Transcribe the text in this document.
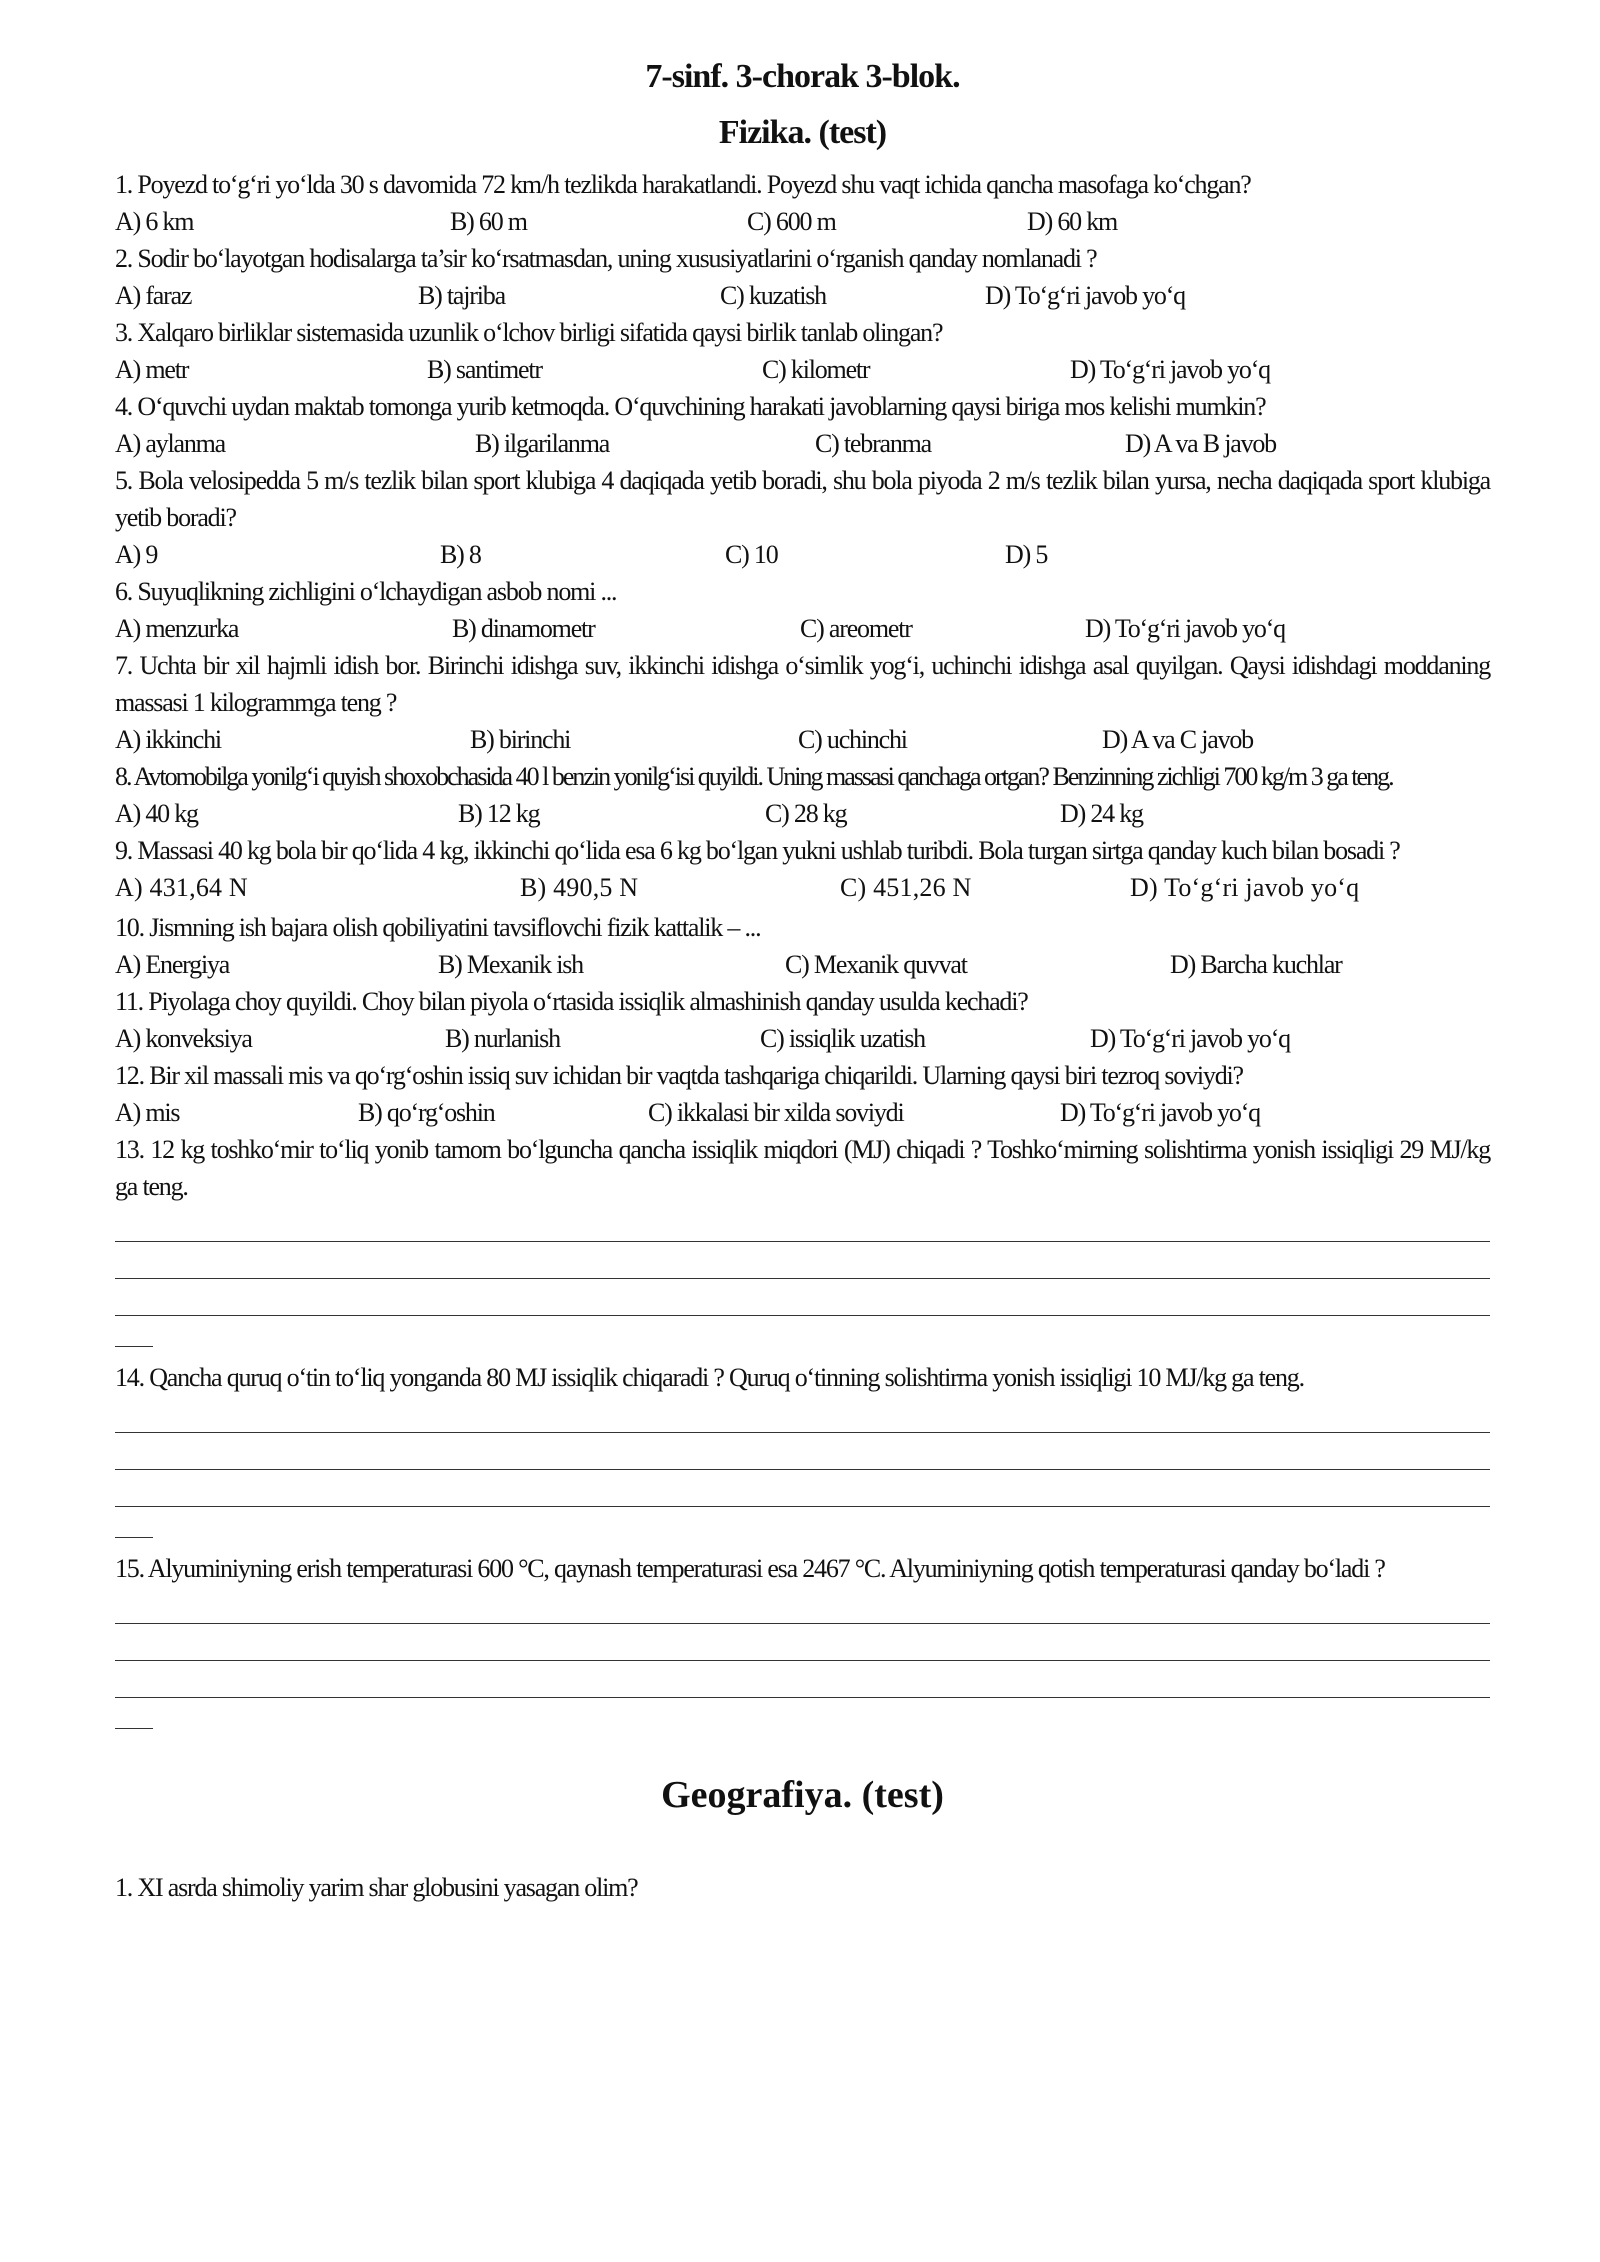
7-sinf. 3-chorak 3-blok.
Fizika. (test)

1. Poyezd to‘g‘ri yo‘lda 30 s davomida 72 km/h tezlikda harakatlandi. Poyezd shu vaqt ichida qancha masofaga ko‘chgan?

A) 6 km	B) 60 m	C) 600 m	D) 60 km

2. Sodir bo‘layotgan hodisalarga ta’sir ko‘rsatmasdan, uning xususiyatlarini o‘rganish qanday nomlanadi ?

A) faraz	B) tajriba	C) kuzatish	D) To‘g‘ri javob yo‘q

3. Xalqaro birliklar sistemasida uzunlik o‘lchov birligi sifatida qaysi birlik tanlab olingan?

A) metr	B) santimetr	C) kilometr	D) To‘g‘ri javob yo‘q

4. O‘quvchi uydan maktab tomonga yurib ketmoqda. O‘quvchining harakati javoblarning qaysi biriga mos kelishi mumkin?

A) aylanma	B) ilgarilanma	C) tebranma	D) A va B javob

5. Bola velosipedda 5 m/s tezlik bilan sport klubiga 4 daqiqada yetib boradi, shu bola piyoda 2 m/s tezlik bilan yursa, necha daqiqada sport klubiga yetib boradi?

A) 9	B) 8	C) 10	D) 5

6. Suyuqlikning zichligini o‘lchaydigan asbob nomi ...

A) menzurka	B) dinamometr	C) areometr	D) To‘g‘ri javob yo‘q

7. Uchta bir xil hajmli idish bor. Birinchi idishga suv, ikkinchi idishga o‘simlik yog‘i, uchinchi idishga asal quyilgan. Qaysi idishdagi moddaning massasi 1 kilogrammga teng ?

A) ikkinchi	B) birinchi	C) uchinchi	D) A va C javob

8. Avtomobilga yonilg‘i quyish shoxobchasida 40 l benzin yonilg‘isi quyildi. Uning massasi qanchaga ortgan? Benzinning zichligi 700 kg/m 3 ga teng.

A) 40 kg	B) 12 kg	C) 28 kg	D) 24 kg

9. Massasi 40 kg bola bir qo‘lida 4 kg, ikkinchi qo‘lida esa 6 kg bo‘lgan yukni ushlab turibdi. Bola turgan sirtga qanday kuch bilan bosadi ?

A) 431,64 N	B) 490,5 N	C) 451,26 N	D) To‘g‘ri javob yo‘q

10. Jismning ish bajara olish qobiliyatini tavsiflovchi fizik kattalik – ...

A) Energiya	B) Mexanik ish	C) Mexanik quvvat	D) Barcha kuchlar

11. Piyolaga choy quyildi. Choy bilan piyola o‘rtasida issiqlik almashinish qanday usulda kechadi?

A) konveksiya	B) nurlanish	C) issiqlik uzatish	D) To‘g‘ri javob yo‘q

12. Bir xil massali mis va qo‘rg‘oshin issiq suv ichidan bir vaqtda tashqariga chiqarildi. Ularning qaysi biri tezroq soviydi?

A) mis	B) qo‘rg‘oshin	C) ikkalasi bir xilda soviydi	D) To‘g‘ri javob yo‘q

13. 12 kg toshko‘mir to‘liq yonib tamom bo‘lguncha qancha issiqlik miqdori (MJ) chiqadi ? Toshko‘mirning solishtirma yonish issiqligi 29 MJ/kg ga teng.

14. Qancha quruq o‘tin to‘liq yonganda 80 MJ issiqlik chiqaradi ? Quruq o‘tinning solishtirma yonish issiqligi 10 MJ/kg ga teng.

15. Alyuminiyning erish temperaturasi 600 °C, qaynash temperaturasi esa 2467 °C. Alyuminiyning qotish temperaturasi qanday bo‘ladi ?

Geografiya. (test)

1. XI asrda shimoliy yarim shar globusini yasagan olim?
